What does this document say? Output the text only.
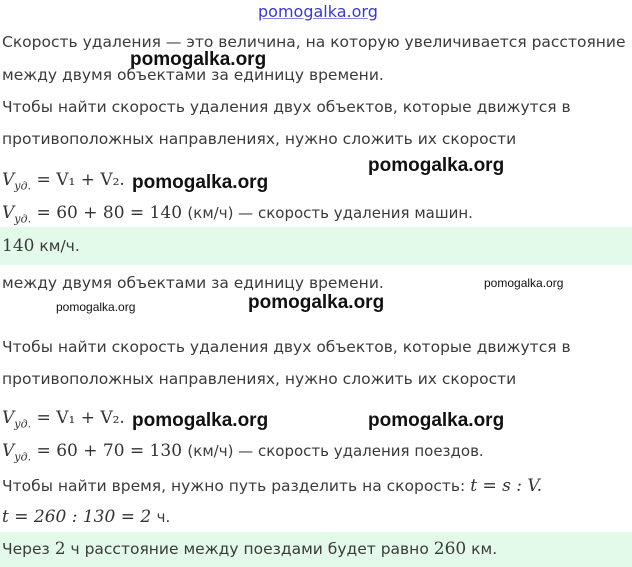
pomogalka.org
Скорость удаления — это величина, на которую увеличивается расстояние
pomogalka.org
между двумя объектами за единицу времени.
Чтобы найти скорость удаления двух объектов, которые движутся в
противоположных направлениях, нужно сложить их скорости
pomogalka.org
$V_{уд.} = V_1 + V_2$. pomogalka.org
$V_{уд.} = 60 + 80 = 140$ (км/ч) — скорость удаления машин.
140 км/ч.
между двумя объектами за единицу времени.	pomogalka.org
pomogalka.org
pomogalka.org
Чтобы найти скорость удаления двух объектов, которые движутся в
противоположных направлениях, нужно сложить их скорости
$V_{уд.} = V_1 + V_2$. pomogalka.org	pomogalka.org
$V_{уд.} = 60 + 70 = 130$ (км/ч) — скорость удаления поездов.
Чтобы найти время, нужно путь разделить на скорость: t = s : V.
t = 260 : 130 = 2 ч.
Через 2 ч расстояние между поездами будет равно 260 км.
